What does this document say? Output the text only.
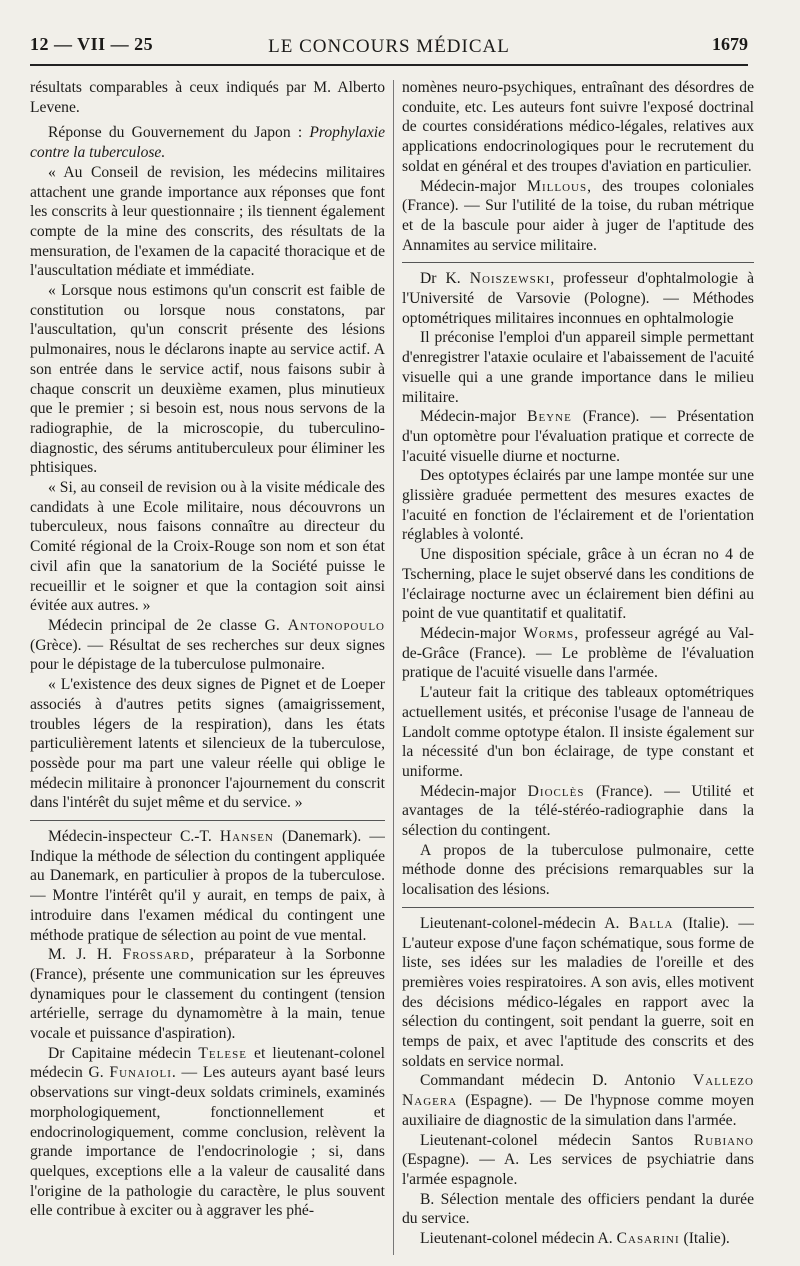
12 — VII — 25	LE CONCOURS MÉDICAL	1679

résultats comparables à ceux indiqués par M. Alberto Levene.

Réponse du Gouvernement du Japon : Prophylaxie contre la tuberculose.

« Au Conseil de revision, les médecins militaires attachent une grande importance aux réponses que font les conscrits à leur questionnaire ; ils tiennent également compte de la mine des conscrits, des résultats de la mensuration, de l'examen de la capacité thoracique et de l'auscultation médiate et immédiate.

« Lorsque nous estimons qu'un conscrit est faible de constitution ou lorsque nous constatons, par l'auscultation, qu'un conscrit présente des lésions pulmonaires, nous le déclarons inapte au service actif. A son entrée dans le service actif, nous faisons subir à chaque conscrit un deuxième examen, plus minutieux que le premier ; si besoin est, nous nous servons de la radiographie, de la microscopie, du tuberculino-diagnostic, des sérums antituberculeux pour éliminer les phtisiques.

« Si, au conseil de revision ou à la visite médicale des candidats à une Ecole militaire, nous découvrons un tuberculeux, nous faisons connaître au directeur du Comité régional de la Croix-Rouge son nom et son état civil afin que la sanatorium de la Société puisse le recueillir et le soigner et que la contagion soit ainsi évitée aux autres. »

Médecin principal de 2e classe G. Antonopoulo (Grèce). — Résultat de ses recherches sur deux signes pour le dépistage de la tuberculose pulmonaire.

« L'existence des deux signes de Pignet et de Loeper associés à d'autres petits signes (amaigrissement, troubles légers de la respiration), dans les états particulièrement latents et silencieux de la tuberculose, possède pour ma part une valeur réelle qui oblige le médecin militaire à prononcer l'ajournement du conscrit dans l'intérêt du sujet même et du service. »

Médecin-inspecteur C.-T. Hansen (Danemark). — Indique la méthode de sélection du contingent appliquée au Danemark, en particulier à propos de la tuberculose. — Montre l'intérêt qu'il y aurait, en temps de paix, à introduire dans l'examen médical du contingent une méthode pratique de sélection au point de vue mental.

M. J. H. Frossard, préparateur à la Sorbonne (France), présente une communication sur les épreuves dynamiques pour le classement du contingent (tension artérielle, serrage du dynamomètre à la main, tenue vocale et puissance d'aspiration).

Dr Capitaine médecin Telese et lieutenant-colonel médecin G. Funaioli. — Les auteurs ayant basé leurs observations sur vingt-deux soldats criminels, examinés morphologiquement, fonctionnellement et endocrinologiquement, comme conclusion, relèvent la grande importance de l'endocrinologie ; si, dans quelques, exceptions elle a la valeur de causalité dans l'origine de la pathologie du caractère, le plus souvent elle contribue à exciter ou à aggraver les phé-

nomènes neuro-psychiques, entraînant des désordres de conduite, etc. Les auteurs font suivre l'exposé doctrinal de courtes considérations médico-légales, relatives aux applications endocrinologiques pour le recrutement du soldat en général et des troupes d'aviation en particulier.

Médecin-major Millous, des troupes coloniales (France). — Sur l'utilité de la toise, du ruban métrique et de la bascule pour aider à juger de l'aptitude des Annamites au service militaire.

Dr K. Noiszewski, professeur d'ophtalmologie à l'Université de Varsovie (Pologne). — Méthodes optométriques militaires inconnues en ophtalmologie

Il préconise l'emploi d'un appareil simple permettant d'enregistrer l'ataxie oculaire et l'abaissement de l'acuité visuelle qui a une grande importance dans le milieu militaire.

Médecin-major Beyne (France). — Présentation d'un optomètre pour l'évaluation pratique et correcte de l'acuité visuelle diurne et nocturne.

Des optotypes éclairés par une lampe montée sur une glissière graduée permettent des mesures exactes de l'acuité en fonction de l'éclairement et de l'orientation réglables à volonté.

Une disposition spéciale, grâce à un écran no 4 de Tscherning, place le sujet observé dans les conditions de l'éclairage nocturne avec un éclairement bien défini au point de vue quantitatif et qualitatif.

Médecin-major Worms, professeur agrégé au Val-de-Grâce (France). — Le problème de l'évaluation pratique de l'acuité visuelle dans l'armée.

L'auteur fait la critique des tableaux optométriques actuellement usités, et préconise l'usage de l'anneau de Landolt comme optotype étalon. Il insiste également sur la nécessité d'un bon éclairage, de type constant et uniforme.

Médecin-major Dioclès (France). — Utilité et avantages de la télé-stéréo-radiographie dans la sélection du contingent.

A propos de la tuberculose pulmonaire, cette méthode donne des précisions remarquables sur la localisation des lésions.

Lieutenant-colonel-médecin A. Balla (Italie). — L'auteur expose d'une façon schématique, sous forme de liste, ses idées sur les maladies de l'oreille et des premières voies respiratoires. A son avis, elles motivent des décisions médico-légales en rapport avec la sélection du contingent, soit pendant la guerre, soit en temps de paix, et avec l'aptitude des conscrits et des soldats en service normal.

Commandant médecin D. Antonio Vallezo Nagera (Espagne). — De l'hypnose comme moyen auxiliaire de diagnostic de la simulation dans l'armée.

Lieutenant-colonel médecin Santos Rubiano (Espagne). — A. Les services de psychiatrie dans l'armée espagnole.

B. Sélection mentale des officiers pendant la durée du service.

Lieutenant-colonel médecin A. Casarini (Italie).
